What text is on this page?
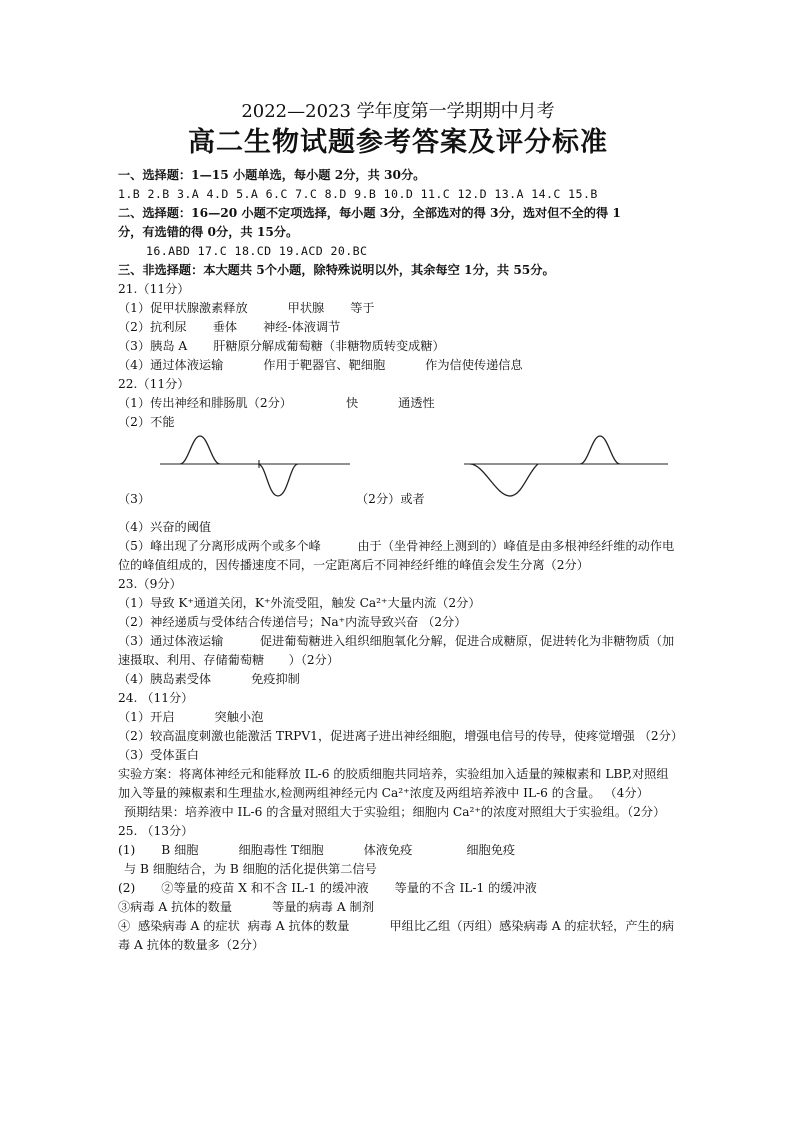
2022—2023 学年度第一学期期中月考
高二生物试题参考答案及评分标准
一、选择题：1—15 小题单选，每小题 2分，共 30分。
1.B 2.B 3.A 4.D 5.A 6.C 7.C 8.D 9.B 10.D 11.C 12.D 13.A 14.C 15.B
二、选择题：16—20 小题不定项选择，每小题 3分，全部选对的得 3分，选对但不全的得 1
分，有选错的得 0分，共 15分。
16.ABD 17.C 18.CD 19.ACD 20.BC
三、非选择题：本大题共 5个小题，除特殊说明以外，其余每空 1分，共 55分。
21.（11分）
（1）促甲状腺激素释放	甲状腺 等于
（2）抗利尿 垂体 神经-体液调节
（3）胰岛 A 肝糖原分解成葡萄糖（非糖物质转变成糖）
（4）通过体液运输	作用于靶器官、靶细胞	作为信使传递信息
22.（11分）
（1）传出神经和腓肠肌（2分）	快	通透性
（2）不能
（3）	（2分）或者
（4）兴奋的阈值
（5）峰出现了分离形成两个或多个峰　　　由于（坐骨神经上测到的）峰值是由多根神经纤维的动作电位的峰值组成的，因传播速度不同，一定距离后不同神经纤维的峰值会发生分离（2分）
23.（9分）
（1）导致 K⁺通道关闭，K⁺外流受阻，触发 Ca²⁺大量内流（2分）
（2）神经递质与受体结合传递信号；Na⁺内流导致兴奋 （2分）
（3）通过体液运输　　　促进葡萄糖进入组织细胞氧化分解，促进合成糖原，促进转化为非糖物质（加速摄取、利用、存储葡萄糖　　）（2分）
（4）胰岛素受体	免疫抑制
24. （11分）
（1）开启	突触小泡
（2）较高温度刺激也能激活 TRPV1，促进离子进出神经细胞，增强电信号的传导，使疼觉增强 （2分）
（3）受体蛋白
实验方案：将离体神经元和能释放 IL-6 的胶质细胞共同培养，实验组加入适量的辣椒素和 LBP,对照组加入等量的辣椒素和生理盐水,检测两组神经元内 Ca²⁺浓度及两组培养液中 IL-6 的含量。 （4分）
预期结果：培养液中 IL-6 的含量对照组大于实验组；细胞内 Ca²⁺的浓度对照组大于实验组。（2分）
25. （13分）
(1) B 细胞	细胞毒性 T细胞	体液免疫	细胞免疫
与 B 细胞结合，为 B 细胞的活化提供第二信号
(2) ②等量的疫苗 X 和不含 IL-1 的缓冲液 等量的不含 IL-1 的缓冲液
③病毒 A 抗体的数量	等量的病毒 A 制剂
④ 感染病毒 A 的症状 病毒 A 抗体的数量	甲组比乙组（丙组）感染病毒 A 的症状轻，产生的病毒 A 抗体的数量多（2分）
